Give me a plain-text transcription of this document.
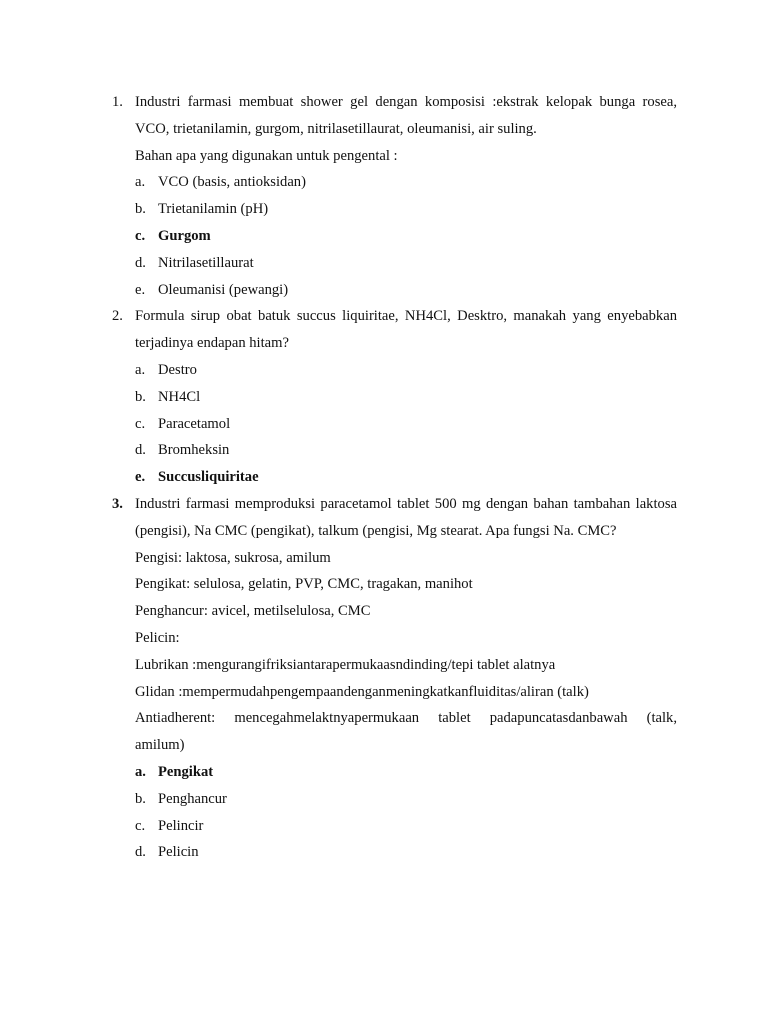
1. Industri farmasi membuat shower gel dengan komposisi :ekstrak kelopak bunga rosea,
VCO, trietanilamin, gurgom, nitrilasetillaurat, oleumanisi, air suling.
Bahan apa yang digunakan untuk pengental :
a. VCO (basis, antioksidan)
b. Trietanilamin (pH)
c. Gurgom
d. Nitrilasetillaurat
e. Oleumanisi (pewangi)
2. Formula sirup obat batuk succus liquiritae, NH4Cl, Desktro, manakah yang enyebabkan
terjadinya endapan hitam?
a. Destro
b. NH4Cl
c. Paracetamol
d. Bromheksin
e. Succusliquiritae
3. Industri farmasi memproduksi paracetamol tablet 500 mg dengan bahan tambahan laktosa
(pengisi), Na CMC (pengikat), talkum (pengisi, Mg stearat. Apa fungsi Na. CMC?
Pengisi: laktosa, sukrosa, amilum
Pengikat: selulosa, gelatin, PVP, CMC, tragakan, manihot
Penghancur: avicel, metilselulosa, CMC
Pelicin:
Lubrikan :mengurangifriksiantarapermukaasndinding/tepi tablet alatnya
Glidan :mempermudahpengempaandenganmeningkatkanfluiditas/aliran (talk)
Antiadherent: mencegahmelaktnyapermukaan tablet padapuncatasdanbawah (talk,
amilum)
a. Pengikat
b. Penghancur
c. Pelincir
d. Pelicin
